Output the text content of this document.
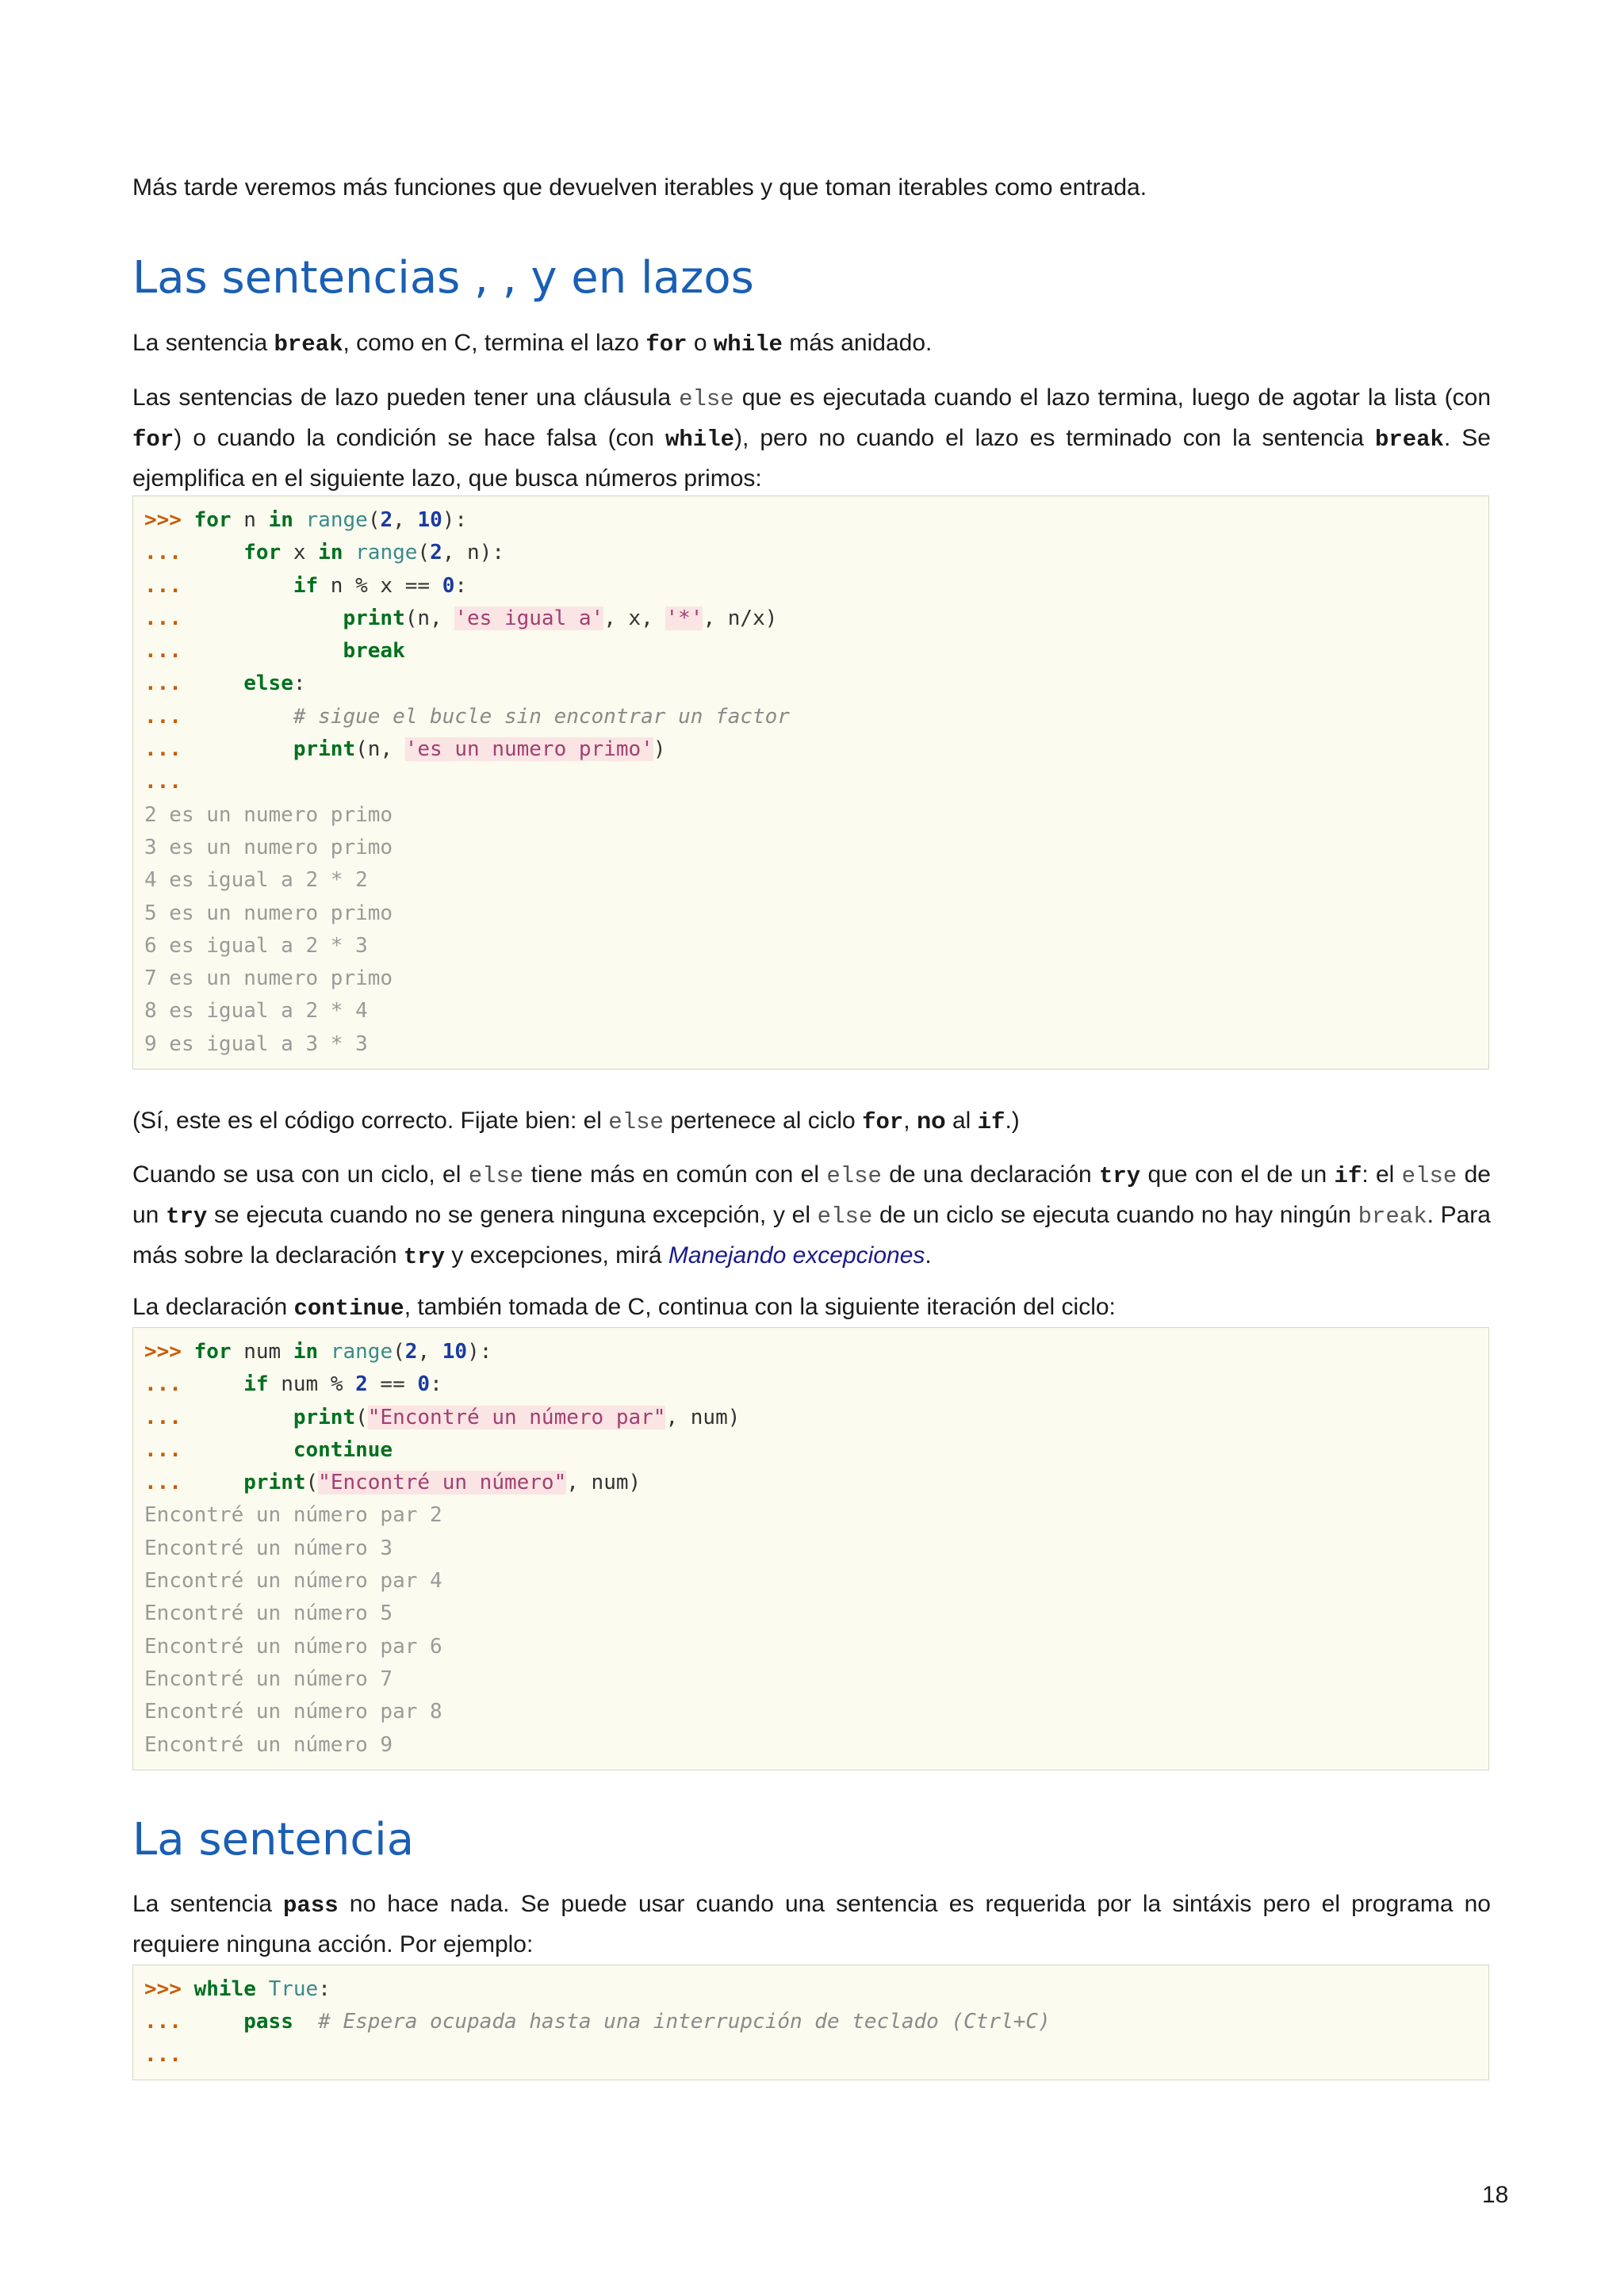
Más tarde veremos más funciones que devuelven iterables y que toman iterables como entrada.

Las sentencias , , y en lazos

La sentencia break, como en C, termina el lazo for o while más anidado.

Las sentencias de lazo pueden tener una cláusula else que es ejecutada cuando el lazo termina, luego de agotar la lista (con for) o cuando la condición se hace falsa (con while), pero no cuando el lazo es terminado con la sentencia break. Se ejemplifica en el siguiente lazo, que busca números primos:

>>> for n in range(2, 10):
...     for x in range(2, n):
...         if n % x == 0:
...             print(n, 'es igual a', x, '*', n/x)
...             break
...     else:
...         # sigue el bucle sin encontrar un factor
...         print(n, 'es un numero primo')
...
2 es un numero primo
3 es un numero primo
4 es igual a 2 * 2
5 es un numero primo
6 es igual a 2 * 3
7 es un numero primo
8 es igual a 2 * 4
9 es igual a 3 * 3

(Sí, este es el código correcto. Fijate bien: el else pertenece al ciclo for, no al if.)

Cuando se usa con un ciclo, el else tiene más en común con el else de una declaración try que con el de un if: el else de un try se ejecuta cuando no se genera ninguna excepción, y el else de un ciclo se ejecuta cuando no hay ningún break. Para más sobre la declaración try y excepciones, mirá Manejando excepciones.

La declaración continue, también tomada de C, continua con la siguiente iteración del ciclo:

>>> for num in range(2, 10):
...     if num % 2 == 0:
...         print("Encontré un número par", num)
...         continue
...     print("Encontré un número", num)
Encontré un número par 2
Encontré un número 3
Encontré un número par 4
Encontré un número 5
Encontré un número par 6
Encontré un número 7
Encontré un número par 8
Encontré un número 9
La sentencia

La sentencia pass no hace nada. Se puede usar cuando una sentencia es requerida por la sintáxis pero el programa no requiere ninguna acción. Por ejemplo:

>>> while True:
...     pass # Espera ocupada hasta una interrupción de teclado (Ctrl+C)
...
18
